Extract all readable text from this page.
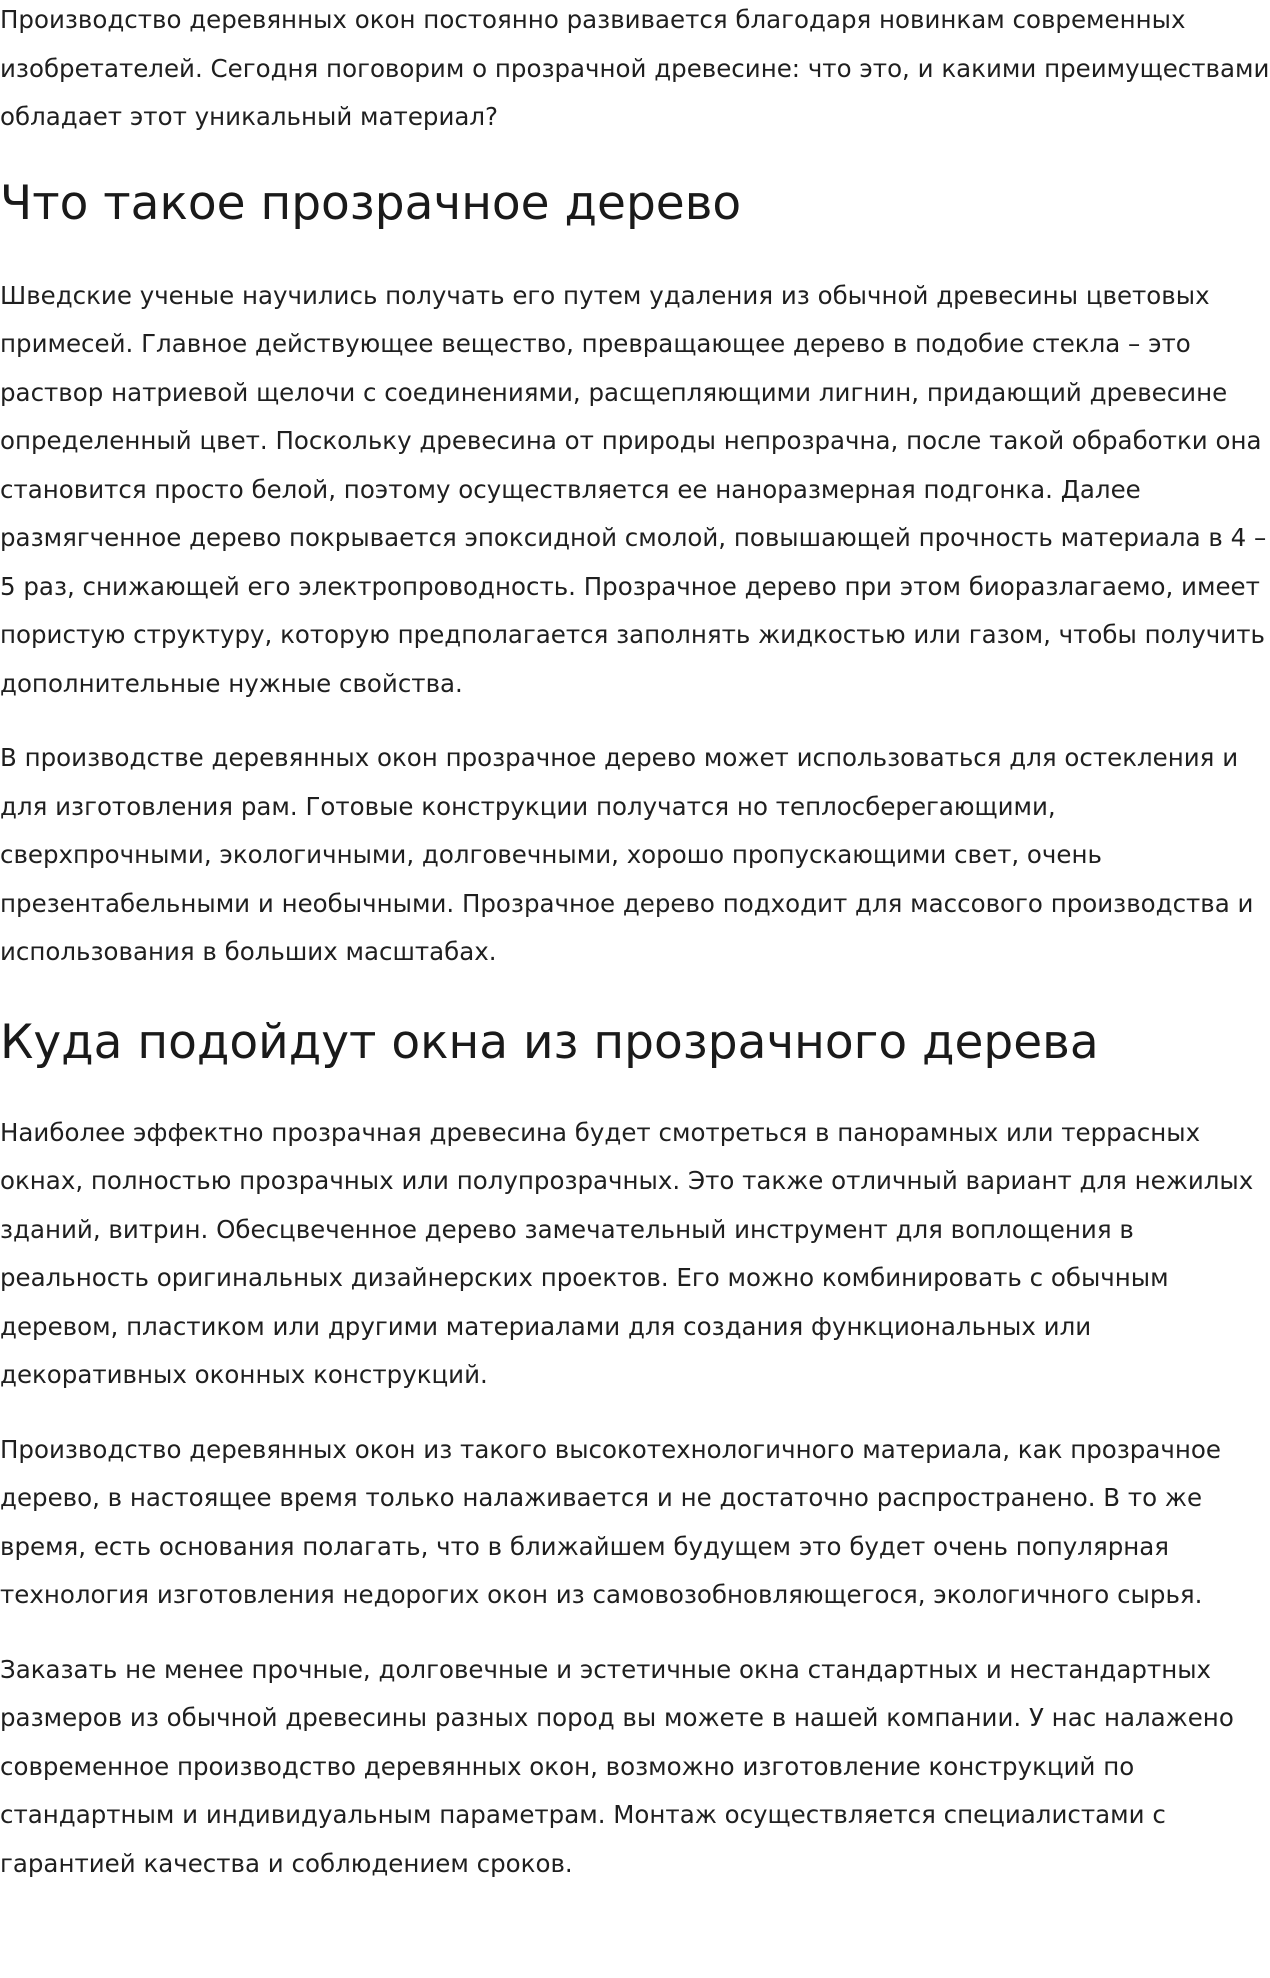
Производство деревянных окон постоянно развивается благодаря новинкам современных изобретателей. Сегодня поговорим о прозрачной древесине: что это, и какими преимуществами обладает этот уникальный материал?

Что такое прозрачное дерево

Шведские ученые научились получать его путем удаления из обычной древесины цветовых примесей. Главное действующее вещество, превращающее дерево в подобие стекла – это раствор натриевой щелочи с соединениями, расщепляющими лигнин, придающий древесине определенный цвет. Поскольку древесина от природы непрозрачна, после такой обработки она становится просто белой, поэтому осуществляется ее наноразмерная подгонка. Далее размягченное дерево покрывается эпоксидной смолой, повышающей прочность материала в 4 – 5 раз, снижающей его электропроводность. Прозрачное дерево при этом биоразлагаемо, имеет пористую структуру, которую предполагается заполнять жидкостью или газом, чтобы получить дополнительные нужные свойства.

В производстве деревянных окон прозрачное дерево может использоваться для остекления и для изготовления рам. Готовые конструкции получатся но теплосберегающими, сверхпрочными, экологичными, долговечными, хорошо пропускающими свет, очень презентабельными и необычными. Прозрачное дерево подходит для массового производства и использования в больших масштабах.

Куда подойдут окна из прозрачного дерева

Наиболее эффектно прозрачная древесина будет смотреться в панорамных или террасных окнах, полностью прозрачных или полупрозрачных. Это также отличный вариант для нежилых зданий, витрин. Обесцвеченное дерево замечательный инструмент для воплощения в реальность оригинальных дизайнерских проектов. Его можно комбинировать с обычным деревом, пластиком или другими материалами для создания функциональных или декоративных оконных конструкций.

Производство деревянных окон из такого высокотехнологичного материала, как прозрачное дерево, в настоящее время только налаживается и не достаточно распространено. В то же время, есть основания полагать, что в ближайшем будущем это будет очень популярная технология изготовления недорогих окон из самовозобновляющегося, экологичного сырья.

Заказать не менее прочные, долговечные и эстетичные окна стандартных и нестандартных размеров из обычной древесины разных пород вы можете в нашей компании. У нас налажено современное производство деревянных окон, возможно изготовление конструкций по стандартным и индивидуальным параметрам. Монтаж осуществляется специалистами с гарантией качества и соблюдением сроков.
